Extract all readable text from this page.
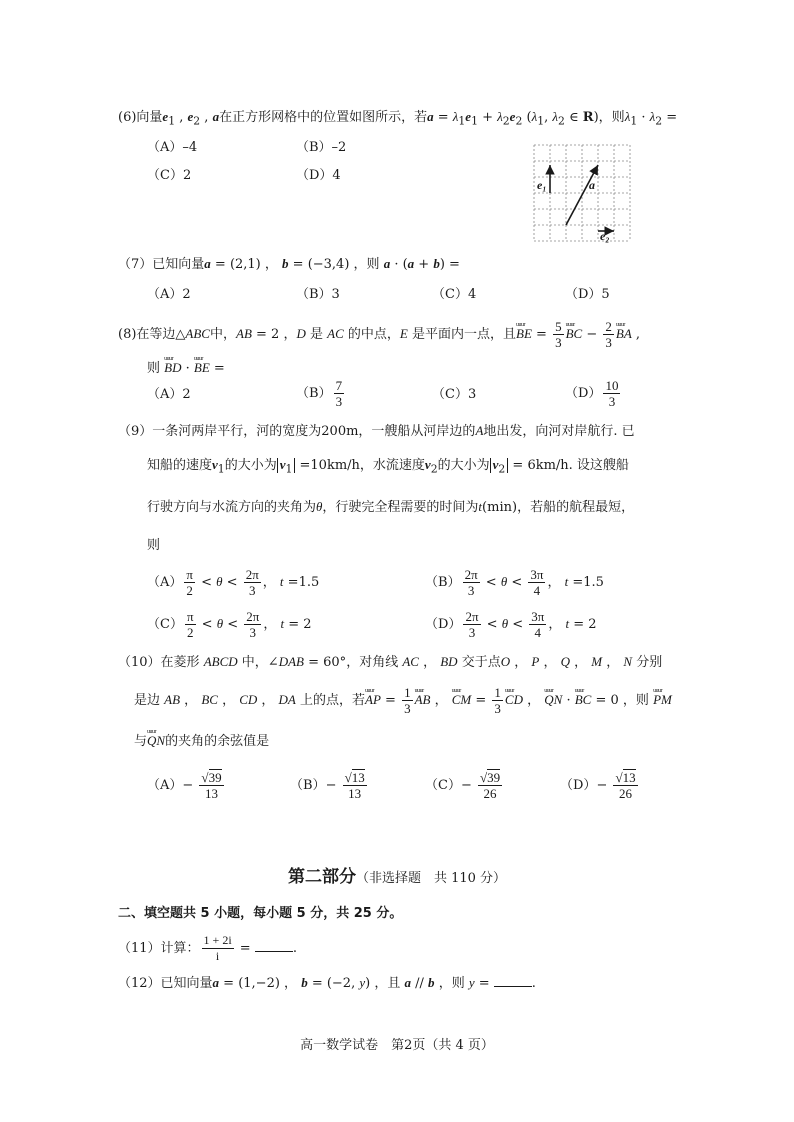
(6)向量$e_1$ , $e_2$ , a在正方形网格中的位置如图所示，若$a = \lambda_1e_1 + \lambda_2e_2$ ($\lambda_1$, $\lambda_2$ ∈ R)，则$\lambda_1 \cdot \lambda_2$ =
（A）–4	（B）–2
（C）2	（D）4
e₁	a
e₂
（7）已知向量a = (2,1) ， b = (−3,4) ，则 a · (a + b) =
（A）2	（B）3	（C）4	（D）5
(8)在等边△ABC中，AB = 2 ，D 是 AC 的中点，E 是平面内一点，且uuur BE = $\frac{5}{3}$ uuur BC − $\frac{2}{3}$ uuur BA ,
则 uuur BD · uuur BE =
（A）2	$(B) \frac{7}{3}$	（C）3	$(D) \frac{10}{3}$
（9）一条河两岸平行，河的宽度为200m，一艘船从河岸边的A地出发，向河对岸航行. 已
知船的速度$v_1$的大小为 $v_1 =10km/h$，水流速度$v_2$的大小为 $v_2 = 6km/h$. 设这艘船
行驶方向与水流方向的夹角为θ，行驶完全程需要的时间为t(min)，若船的航程最短，
则
$(A) \frac{\pi}{2} < \theta < \frac{2\pi}{3}$ ， t =1.5	$(B) \frac{2\pi}{3} < \theta < \frac{3\pi}{4}$ ， t =1.5
$(C) \frac{\pi}{2} < \theta < \frac{2\pi}{3}$ ， t = 2	$(D) \frac{2\pi}{3} < \theta < \frac{3\pi}{4}$ ， t = 2
（10）在菱形 ABCD 中，∠DAB = 60°，对角线 AC ， BD 交于点O ， P ， Q ， M ， N 分别
是边 AB ， BC ， CD ， DA 上的点，若uuur AP = $\frac{1}{3}$ uuur AB ， uuur CM = $\frac{1}{3}$ uuur CD ， uuur QN · uuur BC = 0 ，则 uuur PM
与uuur QN的夹角的余弦值是
$(A)- \frac{√39}{13}$	$(B)- \frac{√13}{13}$	$(C)- \frac{√39}{26}$	$(D)- \frac{√13}{26}$
第二部分（非选择题　共 110 分）
二、填空题共 5 小题，每小题 5 分，共 25 分。
（11）计算： $\frac{1 + 2i}{i}$ =	.
（12）已知向量a = (1,−2) ， b = (−2, y) ，且 a // b ，则 y =	.
高一数学试卷　第2页（共 4 页）
